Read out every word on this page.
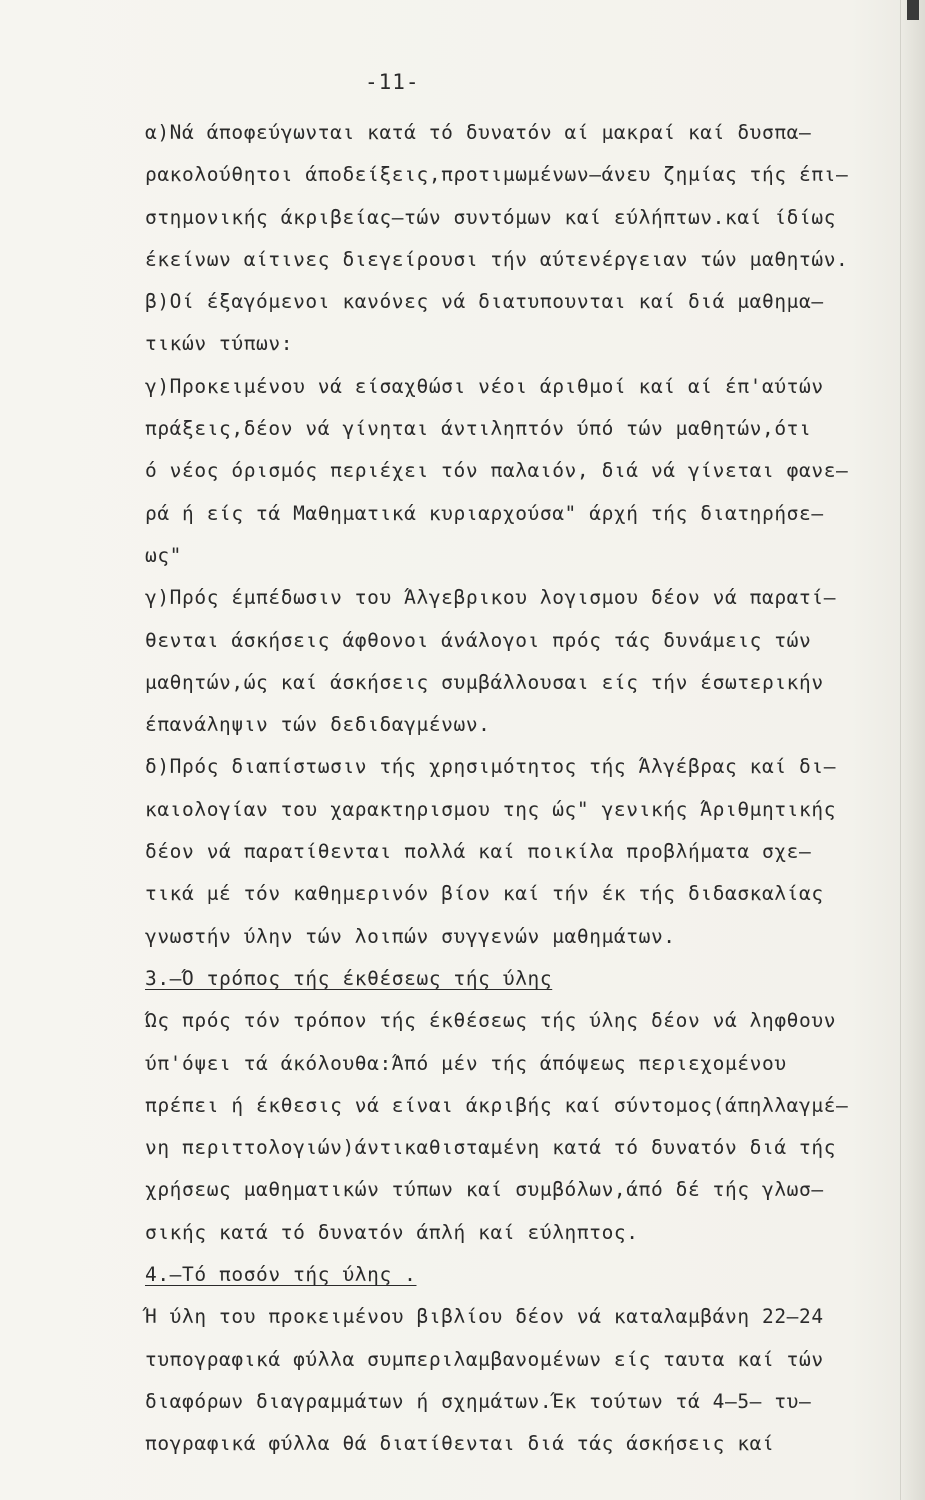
-11-
α)Νά άποφεύγωνται κατά τό δυνατόν αί μακραί καί δυσπα–
ρακολούθητοι άποδείξεις,προτιμωμένων–άνευ ζημίας τής έπι–
στημονικής άκριβείας–τών συντόμων καί εύλήπτων.καί ίδίως
έκείνων αίτινες διεγείρουσι τήν αύτενέργειαν τών μαθητών.
β)Οί έξαγόμενοι κανόνες νά διατυπουνται καί διά μαθημα–
τικών τύπων:
γ)Προκειμένου νά είσαχθώσι νέοι άριθμοί καί αί έπ'αύτών
πράξεις,δέον νά γίνηται άντιληπτόν ύπό τών μαθητών,ότι
ό νέος όρισμός περιέχει τόν παλαιόν, διά νά γίνεται φανε–
ρά ή είς τά Μαθηματικά κυριαρχούσα" άρχή τής διατηρήσε–
ως"
γ)Πρός έμπέδωσιν του Άλγεβρικου λογισμου δέον νά παρατί–
θενται άσκήσεις άφθονοι άνάλογοι πρός τάς δυνάμεις τών
μαθητών,ώς καί άσκήσεις συμβάλλουσαι είς τήν έσωτερικήν
έπανάληψιν τών δεδιδαγμένων.
δ)Πρός διαπίστωσιν τής χρησιμότητος τής Άλγέβρας καί δι–
καιολογίαν του χαρακτηρισμου της ώς" γενικής Άριθμητικής
δέον νά παρατίθενται πολλά καί ποικίλα προβλήματα σχε–
τικά μέ τόν καθημερινόν βίον καί τήν έκ τής διδασκαλίας
γνωστήν ύλην τών λοιπών συγγενών μαθημάτων.
3.–Ό τρόπος τής έκθέσεως τής ύλης
Ώς πρός τόν τρόπον τής έκθέσεως τής ύλης δέον νά ληφθουν
ύπ'όψει τά άκόλουθα:Άπό μέν τής άπόψεως περιεχομένου
πρέπει ή έκθεσις νά είναι άκριβής καί σύντομος(άπηλλαγμέ–
νη περιττολογιών)άντικαθισταμένη κατά τό δυνατόν διά τής
χρήσεως μαθηματικών τύπων καί συμβόλων,άπό δέ τής γλωσ–
σικής κατά τό δυνατόν άπλή καί εύληπτος.
4.–Τό ποσόν τής ύλης .
Ή ύλη του προκειμένου βιβλίου δέον νά καταλαμβάνη 22–24
τυπογραφικά φύλλα συμπεριλαμβανομένων είς ταυτα καί τών
διαφόρων διαγραμμάτων ή σχημάτων.Έκ τούτων τά 4–5– τυ–
πογραφικά φύλλα θά διατίθενται διά τάς άσκήσεις καί
